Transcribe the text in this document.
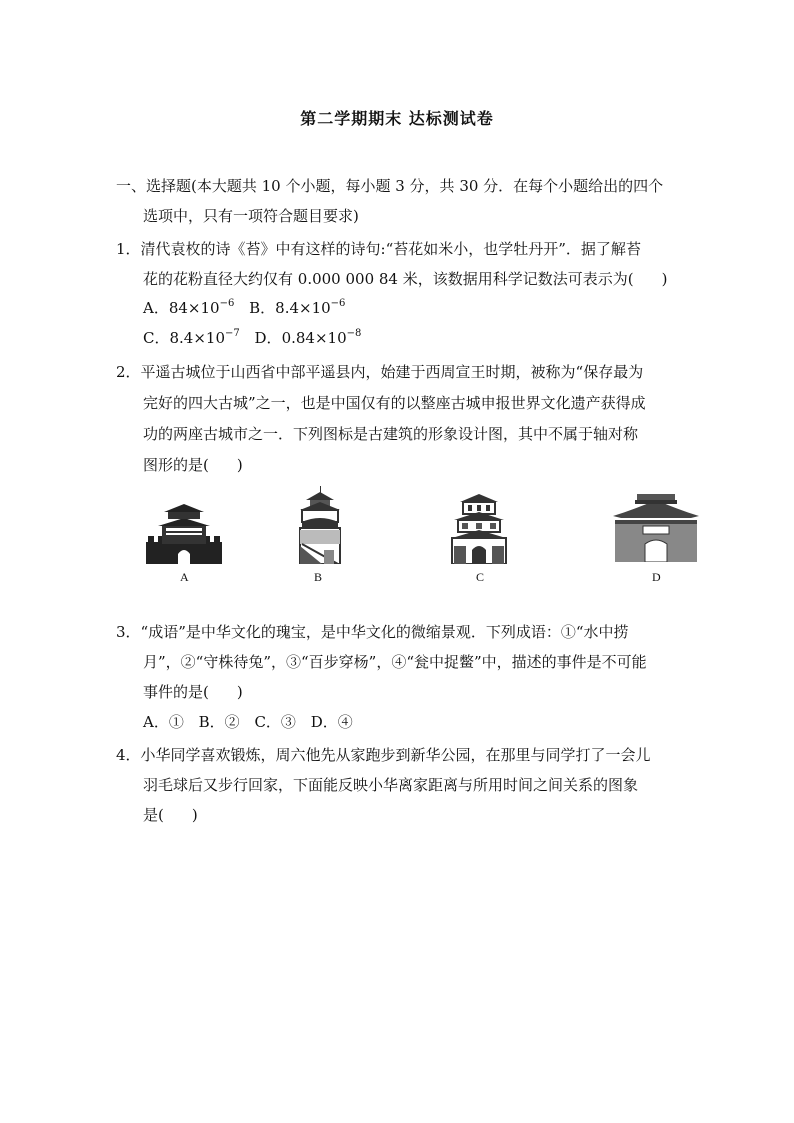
第二学期期末 达标测试卷
一、选择题(本大题共 10 个小题，每小题 3 分，共 30 分．在每个小题给出的四个
选项中，只有一项符合题目要求)
1．清代袁枚的诗《苔》中有这样的诗句:“苔花如米小，也学牡丹开”．据了解苔
花的花粉直径大约仅有 0.000 000 84 米，该数据用科学记数法可表示为( )
A．$84\times 10^{-6}$ B．$8.4\times 10^{-6}$
C．$8.4\times 10^{-7}$ D．$0.84\times 10^{-8}$
2．平遥古城位于山西省中部平遥县内，始建于西周宣王时期，被称为“保存最为
完好的四大古城”之一，也是中国仅有的以整座古城申报世界文化遗产获得成
功的两座古城市之一．下列图标是古建筑的形象设计图，其中不属于轴对称
图形的是( )
A	B	C	D
3．“成语”是中华文化的瑰宝，是中华文化的微缩景观．下列成语：①“水中捞
月”，②“守株待兔”，③“百步穿杨”，④“瓮中捉鳖”中，描述的事件是不可能
事件的是( )
A．① B．② C．③ D．④
4．小华同学喜欢锻炼，周六他先从家跑步到新华公园，在那里与同学打了一会儿
羽毛球后又步行回家，下面能反映小华离家距离与所用时间之间关系的图象
是( )
